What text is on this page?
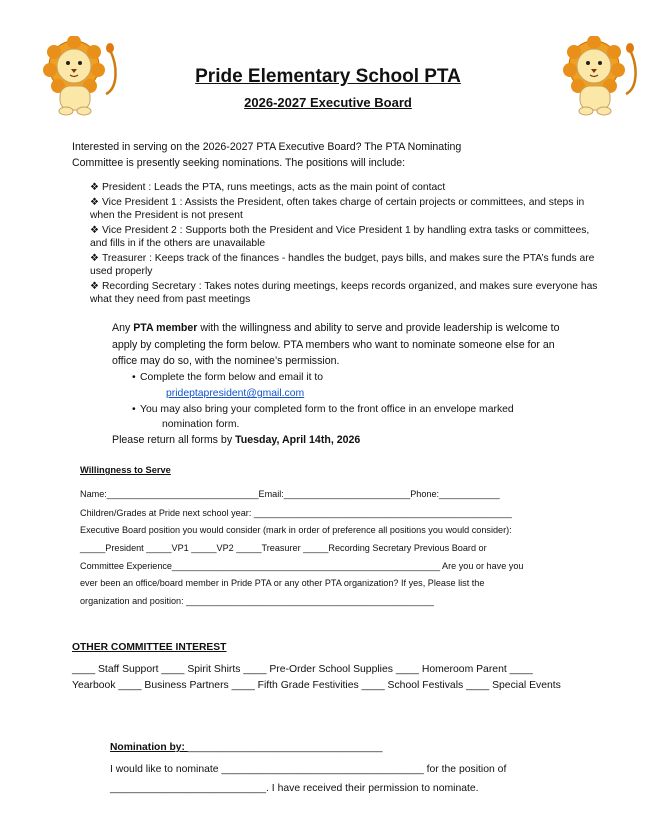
Pride Elementary School PTA
2026-2027 Executive Board
Interested in serving on the 2026-2027 PTA Executive Board? The PTA Nominating
Committee is presently seeking nominations. The positions will include:
❖ President : Leads the PTA, runs meetings, acts as the main point of contact
❖ Vice President 1 : Assists the President, often takes charge of certain projects or committees, and steps in
when the President is not present
❖ Vice President 2 : Supports both the President and Vice President 1 by handling extra tasks or committees,
and fills in if the others are unavailable
❖ Treasurer : Keeps track of the finances - handles the budget, pays bills, and makes sure the PTA’s funds are
used properly
❖ Recording Secretary : Takes notes during meetings, keeps records organized, and makes sure everyone has
what they need from past meetings
Any PTA member with the willingness and ability to serve and provide leadership is welcome to
apply by completing the form below. PTA members who want to nominate someone else for an
office may do so, with the nominee’s permission.
• Complete the form below and email it to
prideptapresident@gmail.com
• You may also bring your completed form to the front office in an envelope marked
nomination form.
Please return all forms by Tuesday, April 14th, 2026
Willingness to Serve
Name:______________________________Email:_________________________Phone:____________
Children/Grades at Pride next school year: ___________________________________________________
Executive Board position you would consider (mark in order of preference all positions you would consider):
_____President _____VP1 _____VP2 _____Treasurer _____Recording Secretary Previous Board or
Committee Experience_____________________________________________________ Are you or have you
ever been an office/board member in Pride PTA or any other PTA organization? If yes, Please list the
organization and position: _________________________________________________
OTHER COMMITTEE INTEREST
____ Staff Support ____ Spirit Shirts ____ Pre-Order School Supplies ____ Homeroom Parent ____
Yearbook ____ Business Partners ____ Fifth Grade Festivities ____ School Festivals ____ Special Events
Nomination by: __________________________________
I would like to nominate ___________________________________ for the position of
___________________________. I have received their permission to nominate.
